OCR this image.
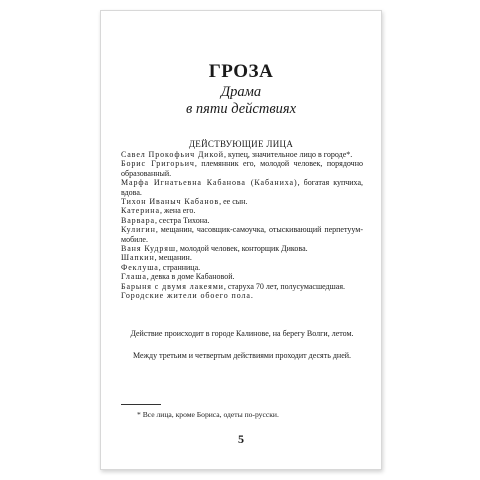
ГРОЗА
Драма
в пяти действиях
ДЕЙСТВУЮЩИЕ ЛИЦА

Савел Прокофьич Дикой, купец, значительное лицо в городе*.

Борис Григорьич, племянник его, молодой человек, порядочно образованный.

Марфа Игнатьевна Кабанова (Кабаниха), богатая купчиха, вдова.

Тихон Иваныч Кабанов, ее сын.

Катерина, жена его.

Варвара, сестра Тихона.

Кулигин, мещанин, часовщик-самоучка, отыскивающий перпетуум-мобиле.

Ваня Кудряш, молодой человек, конторщик Дикова.

Шапкин, мещанин.

Феклуша, странница.

Глаша, девка в доме Кабановой.

Барыня с двумя лакеями, старуха 70 лет, полусумасшедшая.

Городские жители обоего пола.

Действие происходит в городе Калинове, на берегу Волги, летом.
Между третьим и четвертым действиями проходит десять дней.
* Все лица, кроме Бориса, одеты по-русски.
5
